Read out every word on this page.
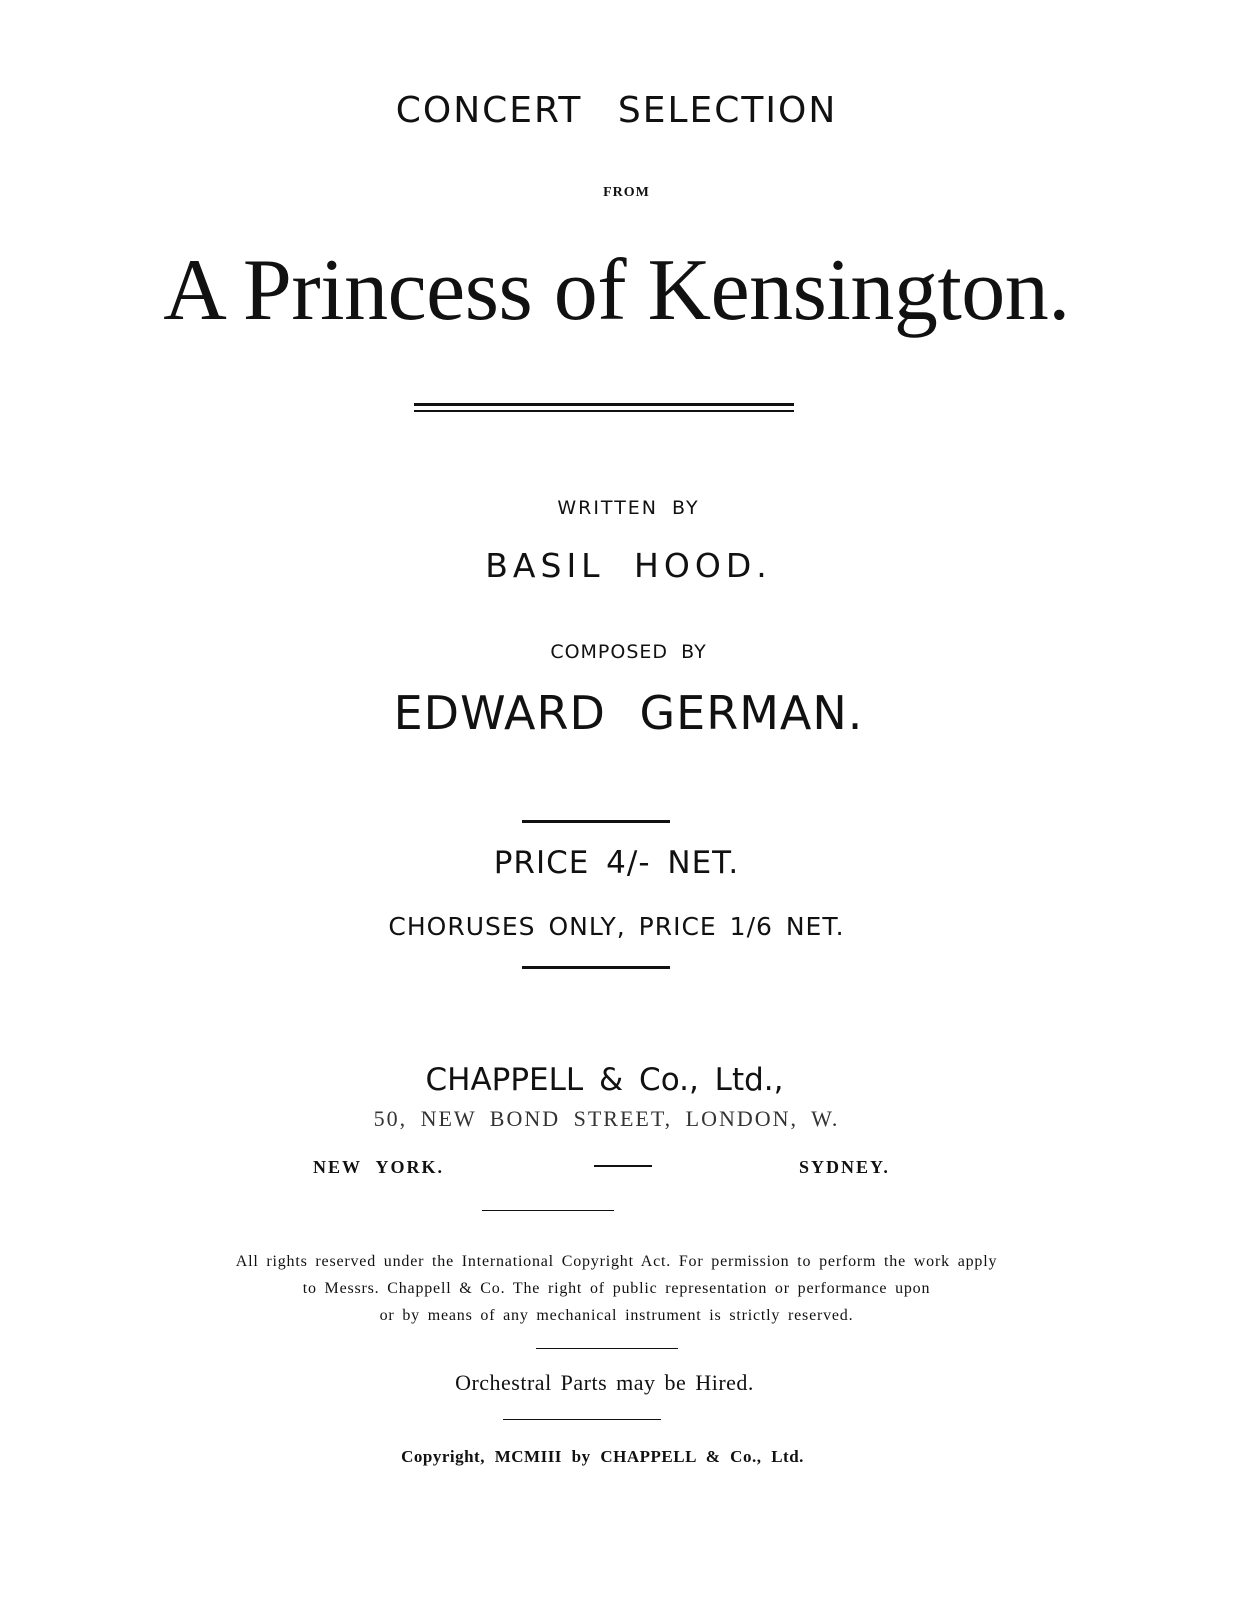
CONCERT SELECTION
FROM
A Princess of Kensington.
WRITTEN BY
BASIL HOOD.
COMPOSED BY
EDWARD GERMAN.
PRICE 4/- NET.
CHORUSES ONLY, PRICE 1/6 NET.
CHAPPELL & Co., Ltd.,
50, NEW BOND STREET, LONDON, W.
NEW YORK.	SYDNEY.
All rights reserved under the International Copyright Act. For permission to perform the work apply
to Messrs. Chappell & Co. The right of public representation or performance upon
or by means of any mechanical instrument is strictly reserved.
Orchestral Parts may be Hired.
Copyright, MCMIII by CHAPPELL & Co., Ltd.
